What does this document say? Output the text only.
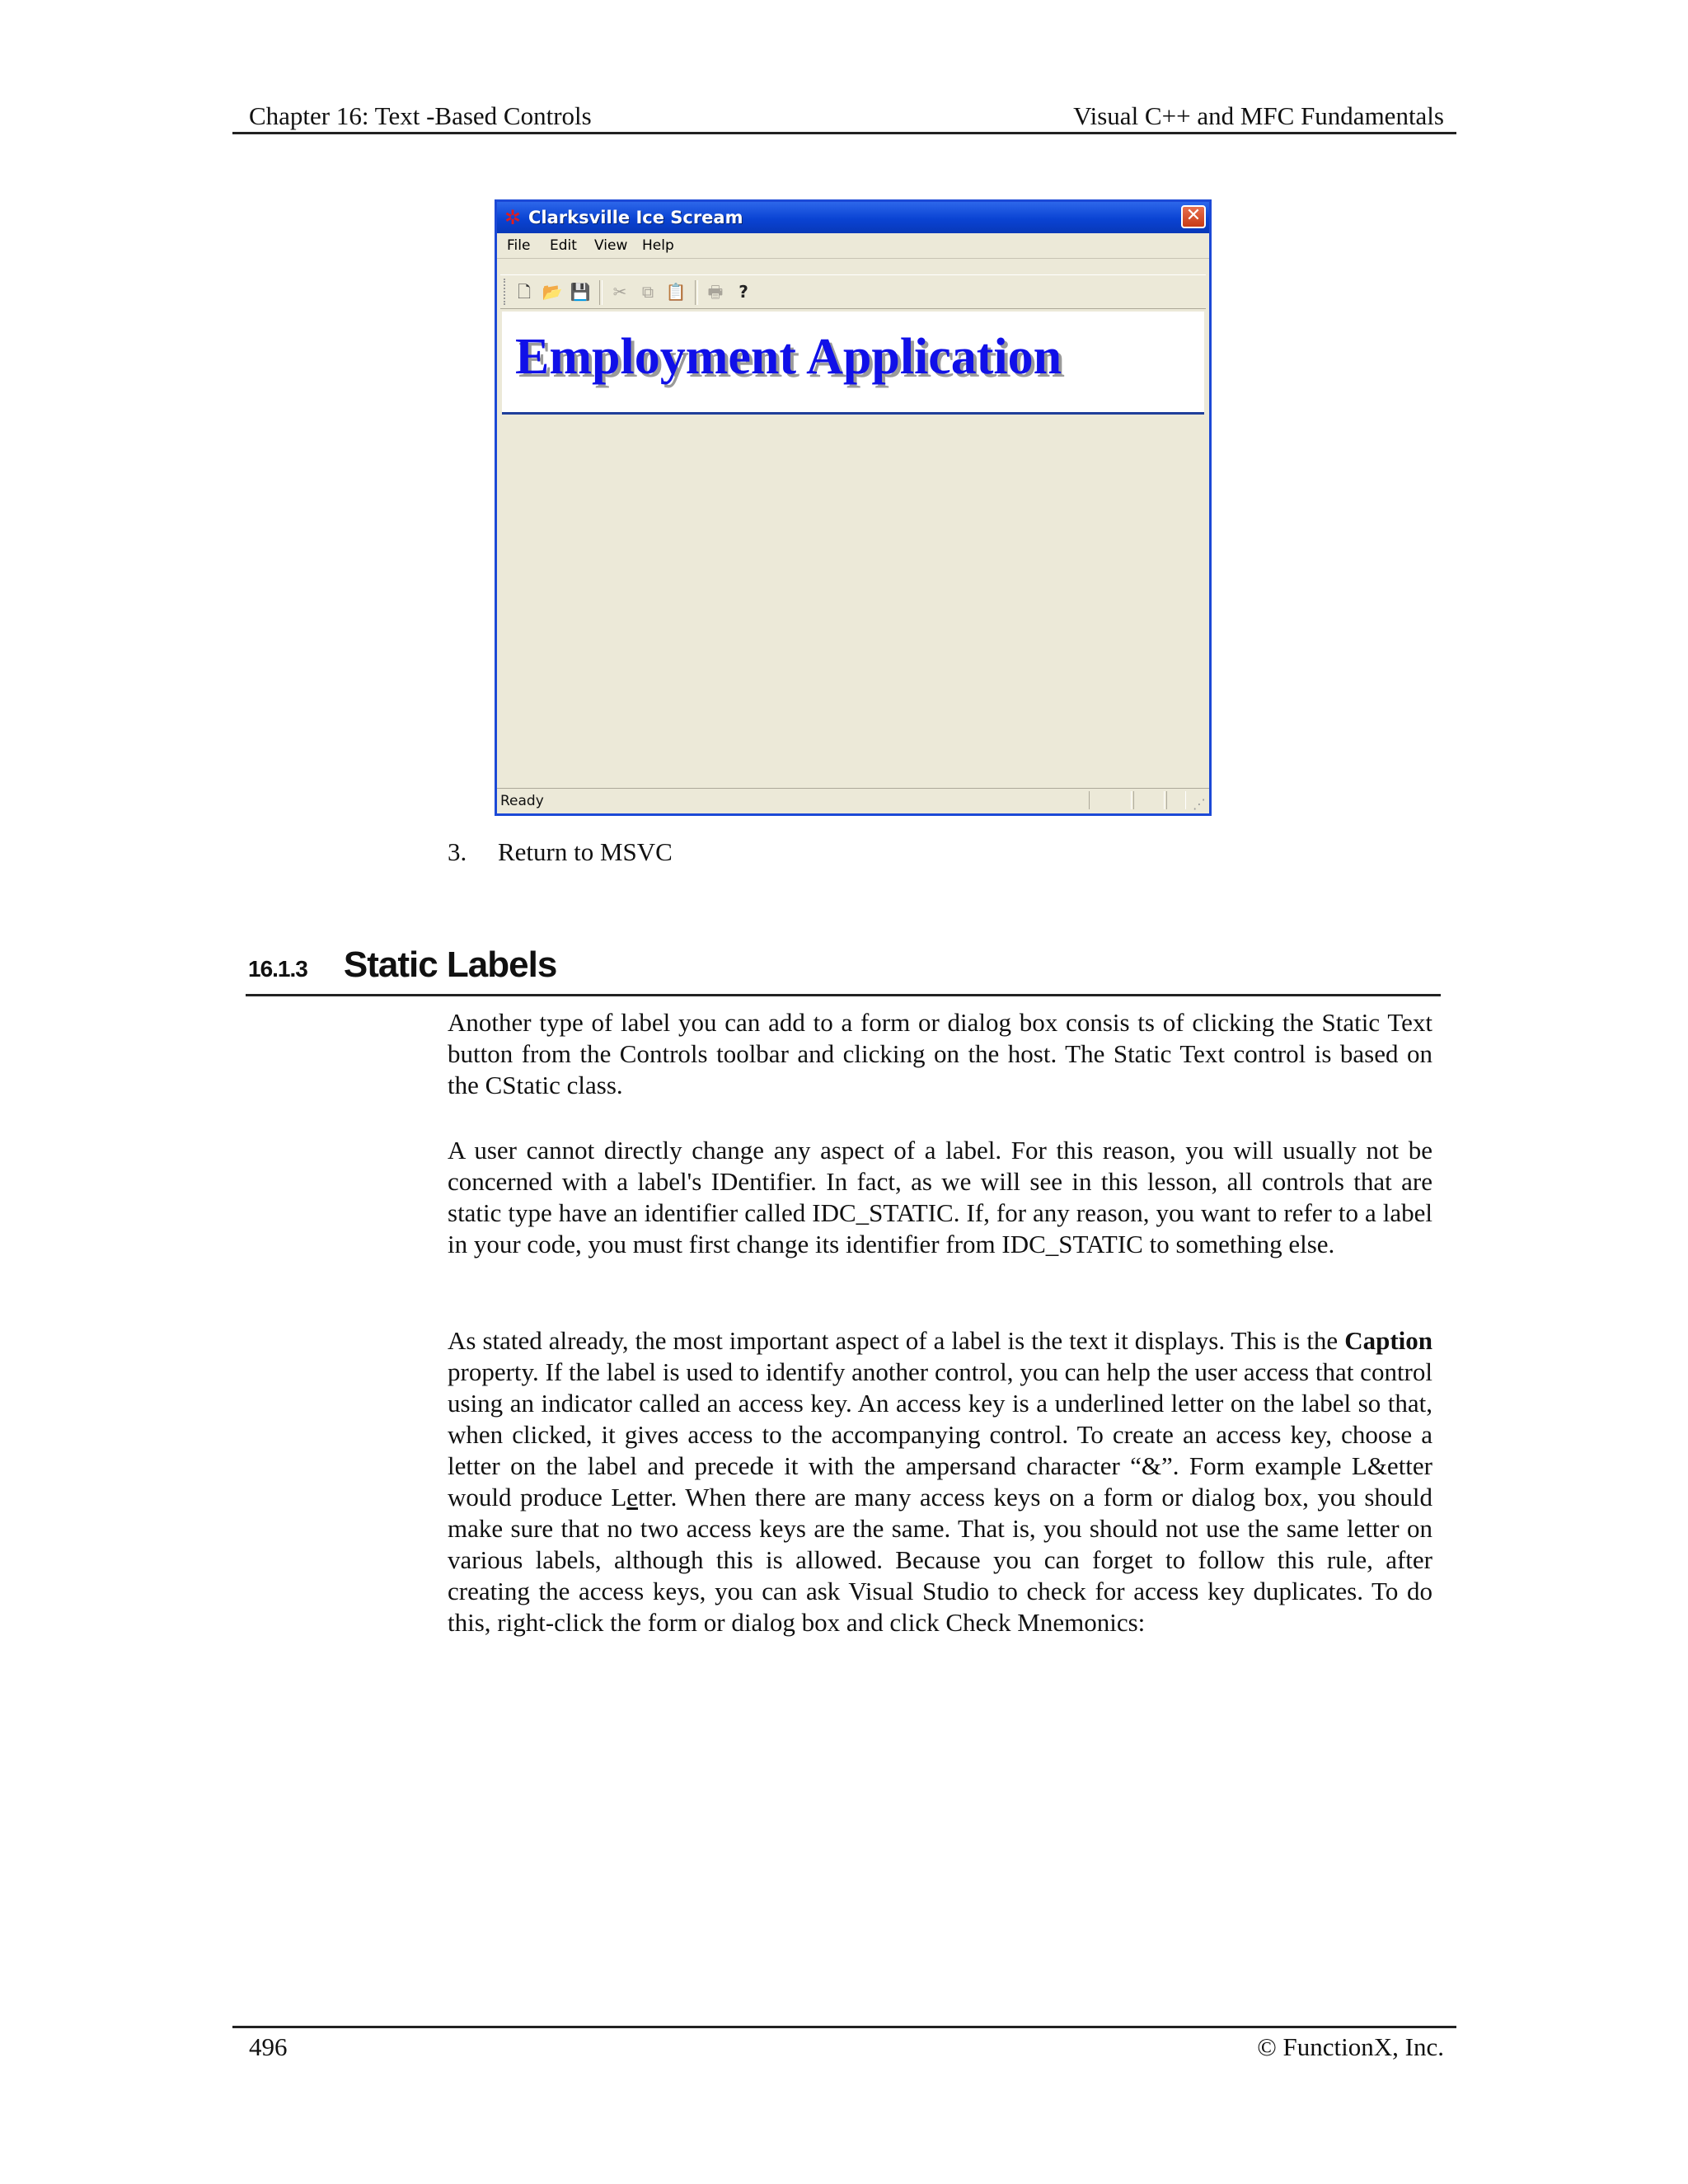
Chapter 16: Text -Based Controls	Visual C++ and MFC Fundamentals
✲ Clarksville Ice Scream	✕
File Edit View Help
🗋 📂 💾	✂ ⧉ 📋 🖶 ?
Employment Application
Ready	⋰
3. Return to MSVC
16.1.3 Static Labels
Another type of label you can add to a form or dialog box consis ts of clicking the Static Text button from the Controls toolbar and clicking on the host. The Static Text control is based on the CStatic class.
A user cannot directly change any aspect of a label. For this reason, you will usually not be concerned with a label's IDentifier. In fact, as we will see in this lesson, all controls that are static type have an identifier called IDC_STATIC. If, for any reason, you want to refer to a label in your code, you must first change its identifier from IDC_STATIC to something else.
As stated already, the most important aspect of a label is the text it displays. This is the Caption property. If the label is used to identify another control, you can help the user access that control using an indicator called an access key. An access key is a underlined letter on the label so that, when clicked, it gives access to the accompanying control. To create an access key, choose a letter on the label and precede it with the ampersand character “&”. Form example L&etter would produce Letter. When there are many access keys on a form or dialog box, you should make sure that no two access keys are the same. That is, you should not use the same letter on various labels, although this is allowed. Because you can forget to follow this rule, after creating the access keys, you can ask Visual Studio to check for access key duplicates. To do this, right-click the form or dialog box and click Check Mnemonics:
496	© FunctionX, Inc.
